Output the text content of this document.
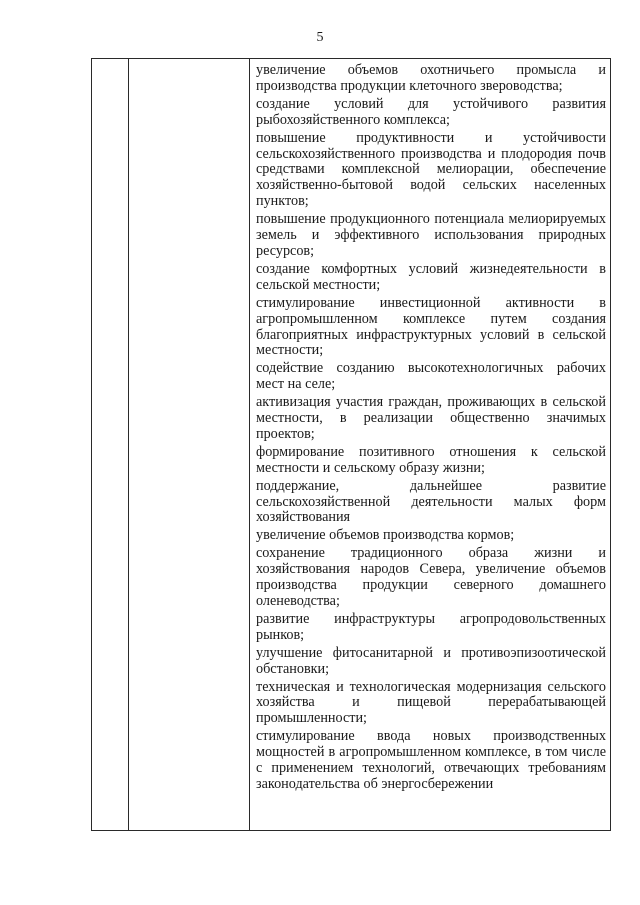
5

увеличение объемов охотничьего промысла и производства продукции клеточного звероводства;

создание условий для устойчивого развития рыбохозяйственного комплекса;

повышение продуктивности и устойчивости сельскохозяйственного производства и плодородия почв средствами комплексной мелиорации, обеспечение хозяйственно-бытовой водой сельских населенных пунктов;

повышение продукционного потенциала мелиорируемых земель и эффективного использования природных ресурсов;

создание комфортных условий жизнедеятельности в сельской местности;

стимулирование инвестиционной активности в агропромышленном комплексе путем создания благоприятных инфраструктурных условий в сельской местности;

содействие созданию высокотехнологичных рабочих мест на селе;

активизация участия граждан, проживающих в сельской местности, в реализации общественно значимых проектов;

формирование позитивного отношения к сельской местности и сельскому образу жизни;

поддержание, дальнейшее развитие сельскохозяйственной деятельности малых форм хозяйствования

увеличение объемов производства кормов;

сохранение традиционного образа жизни и хозяйствования народов Севера, увеличение объемов производства продукции северного домашнего оленеводства;

развитие инфраструктуры агропродовольственных рынков;

улучшение фитосанитарной и противоэпизоотической обстановки;

техническая и технологическая модернизация сельского хозяйства и пищевой перерабатывающей промышленности;

стимулирование ввода новых производственных мощностей в агропромышленном комплексе, в том числе с применением технологий, отвечающих требованиям законодательства об энергосбережении
